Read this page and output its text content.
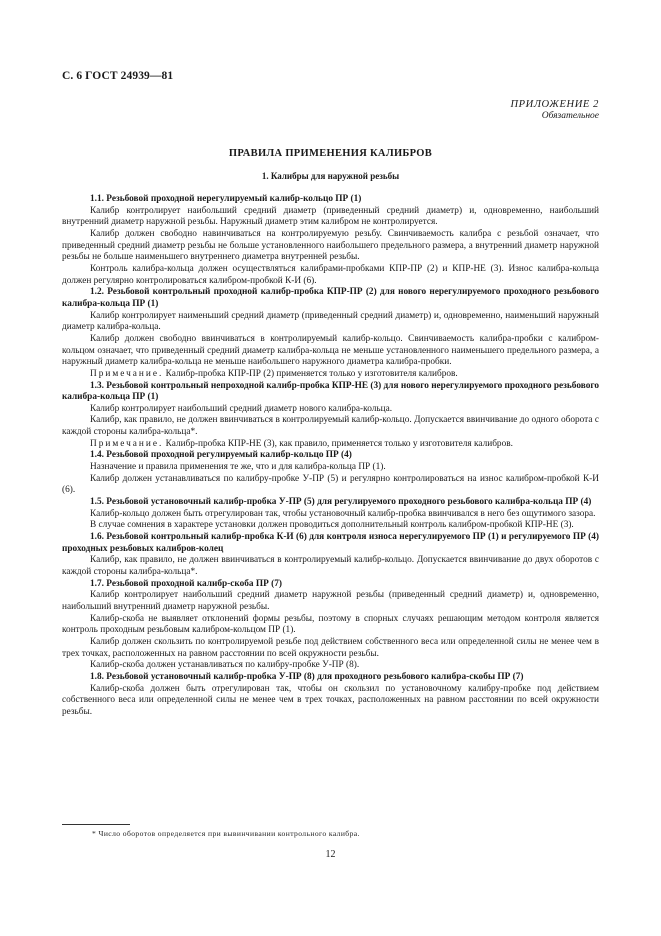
С. 6 ГОСТ 24939—81
ПРИЛОЖЕНИЕ 2
Обязательное
ПРАВИЛА ПРИМЕНЕНИЯ КАЛИБРОВ
1. Калибры для наружной резьбы

1.1. Резьбовой проходной нерегулируемый калибр-кольцо ПР (1)

Калибр контролирует наибольший средний диаметр (приведенный средний диаметр) и, одновременно, наибольший внутренний диаметр наружной резьбы. Наружный диаметр этим калибром не контролируется.

Калибр должен свободно навинчиваться на контролируемую резьбу. Свинчиваемость калибра с резьбой означает, что приведенный средний диаметр резьбы не больше установленного наибольшего предельного размера, а внутренний диаметр наружной резьбы не больше наименьшего внутреннего диаметра внутренней резьбы.

Контроль калибра-кольца должен осуществляться калибрами-пробками КПР-ПР (2) и КПР-НЕ (3). Износ калибра-кольца должен регулярно контролироваться калибром-пробкой К-И (6).

1.2. Резьбовой контрольный проходной калибр-пробка КПР-ПР (2) для нового нерегулируемого проходного резьбового калибра-кольца ПР (1)

Калибр контролирует наименьший средний диаметр (приведенный средний диаметр) и, одновременно, наименьший наружный диаметр калибра-кольца.

Калибр должен свободно ввинчиваться в контролируемый калибр-кольцо. Свинчиваемость калибра-пробки с калибром-кольцом означает, что приведенный средний диаметр калибра-кольца не меньше установленного наименьшего предельного размера, а наружный диаметр калибра-кольца не меньше наибольшего наружного диаметра калибра-пробки.

Примечание. Калибр-пробка КПР-ПР (2) применяется только у изготовителя калибров.

1.3. Резьбовой контрольный непроходной калибр-пробка КПР-НЕ (3) для нового нерегулируемого проходного резьбового калибра-кольца ПР (1)

Калибр контролирует наибольший средний диаметр нового калибра-кольца.

Калибр, как правило, не должен ввинчиваться в контролируемый калибр-кольцо. Допускается ввинчивание до одного оборота с каждой стороны калибра-кольца*.

Примечание. Калибр-пробка КПР-НЕ (3), как правило, применяется только у изготовителя калибров.

1.4. Резьбовой проходной регулируемый калибр-кольцо ПР (4)

Назначение и правила применения те же, что и для калибра-кольца ПР (1).

Калибр должен устанавливаться по калибру-пробке У-ПР (5) и регулярно контролироваться на износ калибром-пробкой К-И (6).

1.5. Резьбовой установочный калибр-пробка У-ПР (5) для регулируемого проходного резьбового калибра-кольца ПР (4)

Калибр-кольцо должен быть отрегулирован так, чтобы установочный калибр-пробка ввинчивался в него без ощутимого зазора.

В случае сомнения в характере установки должен проводиться дополнительный контроль калибром-пробкой КПР-НЕ (3).

1.6. Резьбовой контрольный калибр-пробка К-И (6) для контроля износа нерегулируемого ПР (1) и регулируемого ПР (4) проходных резьбовых калибров-колец

Калибр, как правило, не должен ввинчиваться в контролируемый калибр-кольцо. Допускается ввинчивание до двух оборотов с каждой стороны калибра-кольца*.

1.7. Резьбовой проходной калибр-скоба ПР (7)

Калибр контролирует наибольший средний диаметр наружной резьбы (приведенный средний диаметр) и, одновременно, наибольший внутренний диаметр наружной резьбы.

Калибр-скоба не выявляет отклонений формы резьбы, поэтому в спорных случаях решающим методом контроля является контроль проходным резьбовым калибром-кольцом ПР (1).

Калибр должен скользить по контролируемой резьбе под действием собственного веса или определенной силы не менее чем в трех точках, расположенных на равном расстоянии по всей окружности резьбы.

Калибр-скоба должен устанавливаться по калибру-пробке У-ПР (8).

1.8. Резьбовой установочный калибр-пробка У-ПР (8) для проходного резьбового калибра-скобы ПР (7)

Калибр-скоба должен быть отрегулирован так, чтобы он скользил по установочному калибру-пробке под действием собственного веса или определенной силы не менее чем в трех точках, расположенных на равном расстоянии по всей окружности резьбы.

* Число оборотов определяется при вывинчивании контрольного калибра.
12
